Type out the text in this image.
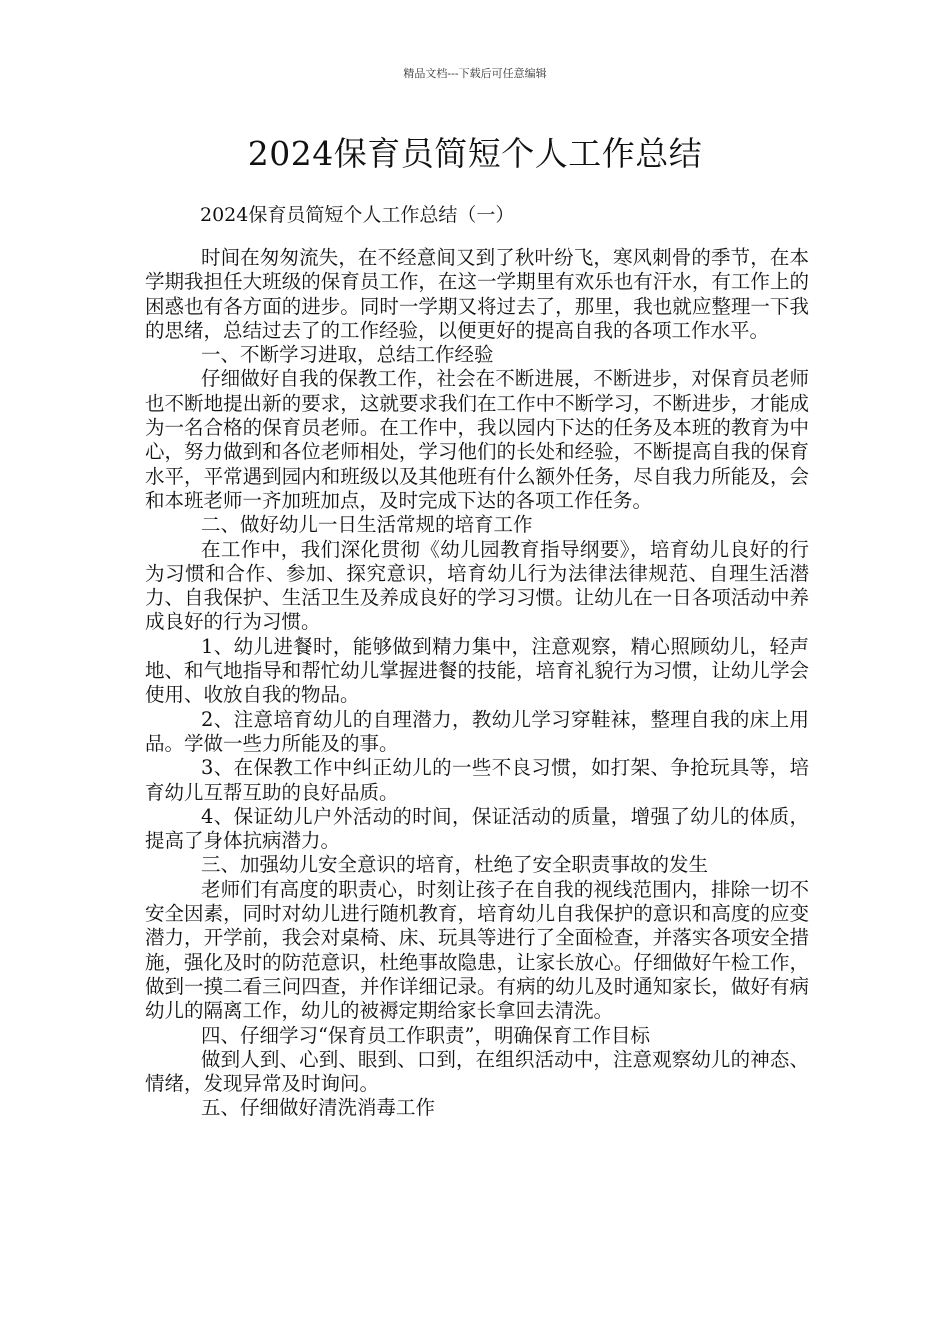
精品文档---下载后可任意编辑
2024保育员简短个人工作总结
2024保育员简短个人工作总结（一）

时间在匆匆流失，在不经意间又到了秋叶纷飞，寒风刺骨的季节，在本学期我担任大班级的保育员工作，在这一学期里有欢乐也有汗水，有工作上的困惑也有各方面的进步。同时一学期又将过去了，那里，我也就应整理一下我的思绪，总结过去了的工作经验，以便更好的提高自我的各项工作水平。

一、不断学习进取，总结工作经验

仔细做好自我的保教工作，社会在不断进展，不断进步，对保育员老师也不断地提出新的要求，这就要求我们在工作中不断学习，不断进步，才能成为一名合格的保育员老师。在工作中，我以园内下达的任务及本班的教育为中心，努力做到和各位老师相处，学习他们的长处和经验，不断提高自我的保育水平，平常遇到园内和班级以及其他班有什么额外任务，尽自我力所能及，会和本班老师一齐加班加点，及时完成下达的各项工作任务。

二、做好幼儿一日生活常规的培育工作

在工作中，我们深化贯彻《幼儿园教育指导纲要》，培育幼儿良好的行为习惯和合作、参加、探究意识，培育幼儿行为法律法律规范、自理生活潜力、自我保护、生活卫生及养成良好的学习习惯。让幼儿在一日各项活动中养成良好的行为习惯。

1、幼儿进餐时，能够做到精力集中，注意观察，精心照顾幼儿，轻声地、和气地指导和帮忙幼儿掌握进餐的技能，培育礼貌行为习惯，让幼儿学会使用、收放自我的物品。

2、注意培育幼儿的自理潜力，教幼儿学习穿鞋袜，整理自我的床上用品。学做一些力所能及的事。

3、在保教工作中纠正幼儿的一些不良习惯，如打架、争抢玩具等，培育幼儿互帮互助的良好品质。

4、保证幼儿户外活动的时间，保证活动的质量，增强了幼儿的体质，提高了身体抗病潜力。

三、加强幼儿安全意识的培育，杜绝了安全职责事故的发生

老师们有高度的职责心，时刻让孩子在自我的视线范围内，排除一切不安全因素，同时对幼儿进行随机教育，培育幼儿自我保护的意识和高度的应变潜力，开学前，我会对桌椅、床、玩具等进行了全面检查，并落实各项安全措施，强化及时的防范意识，杜绝事故隐患，让家长放心。仔细做好午检工作，做到一摸二看三问四查，并作详细记录。有病的幼儿及时通知家长，做好有病幼儿的隔离工作，幼儿的被褥定期给家长拿回去清洗。

四、仔细学习“保育员工作职责”，明确保育工作目标

做到人到、心到、眼到、口到，在组织活动中，注意观察幼儿的神态、情绪，发现异常及时询问。

五、仔细做好清洗消毒工作
